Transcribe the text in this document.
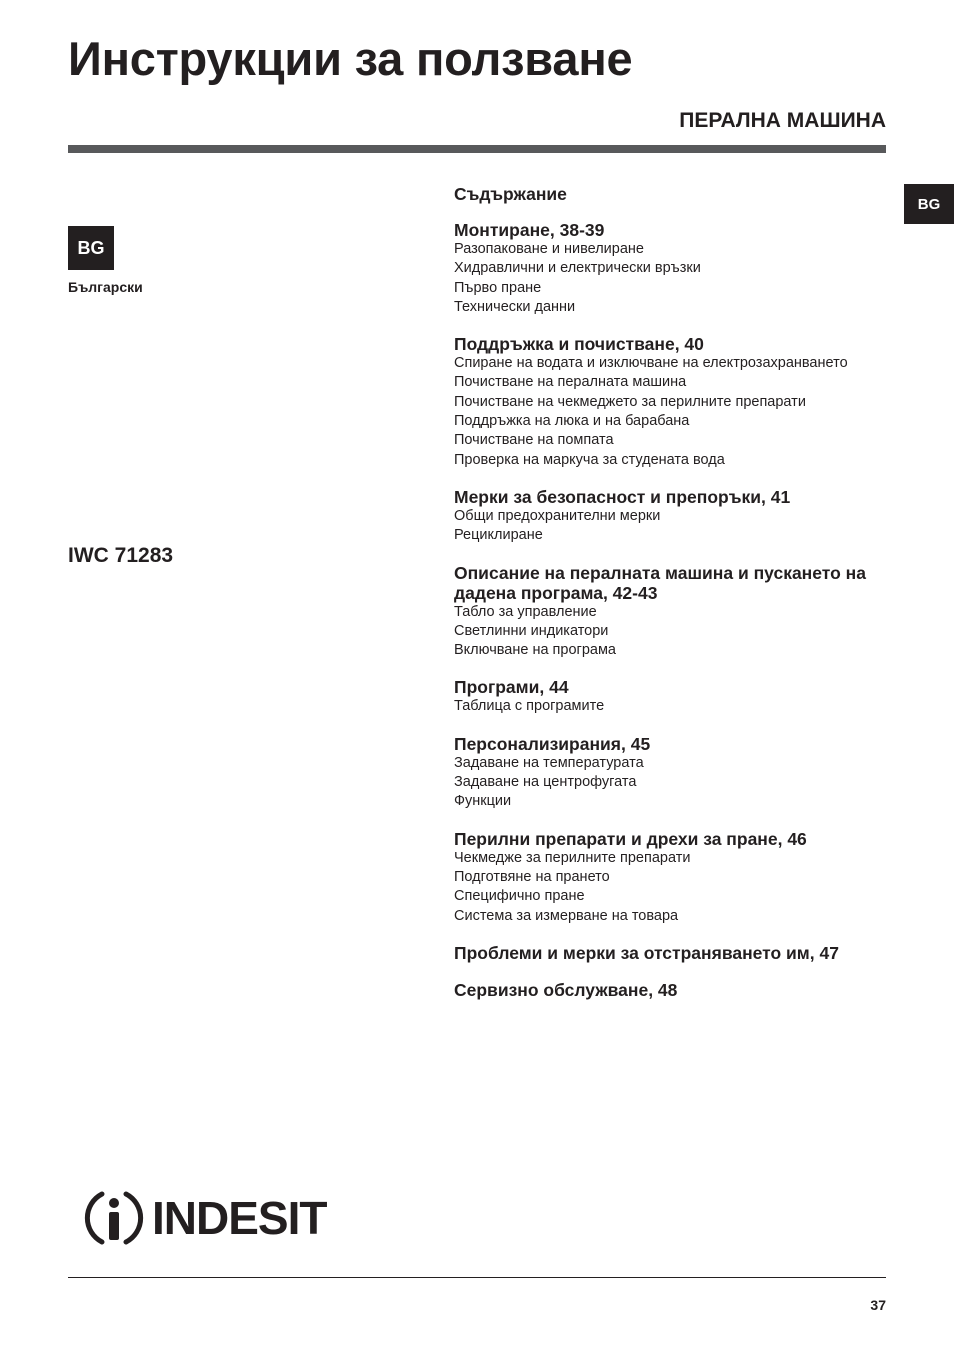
Инструкции за ползване
ПЕРАЛНА МАШИНА
BG
Български
BG
IWC 71283
Съдържание

Монтиране, 38-39

Разопаковане и нивелиране

Хидравлични и електрически връзки

Първо пране

Технически данни

Поддръжка и почистване, 40

Спиране на водата и изключване на електрозахранването

Почистване на пералната машина

Почистване на чекмеджето за перилните препарати

Поддръжка на люка и на барабана

Почистване на помпата

Проверка на маркуча за студената вода

Мерки за безопасност и препоръки, 41

Общи предохранителни мерки

Рециклиране

Описание на пералната машина и пускането на дадена програма, 42-43

Табло за управление

Светлинни индикатори

Включване на програма

Програми, 44

Таблица с програмите

Персонализирания, 45

Задаване на температурата

Задаване на центрофугата

Функции

Перилни препарати и дрехи за пране, 46

Чекмедже за перилните препарати

Подготвяне на прането

Специфично пране

Система за измерване на товара

Проблеми и мерки за отстраняването им, 47

Сервизно обслужване, 48

INDESIT
37
